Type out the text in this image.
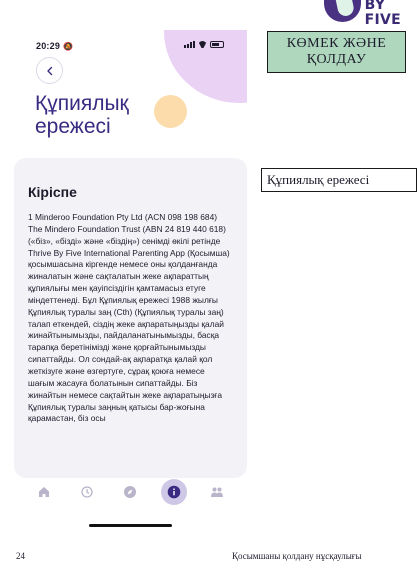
BY FIVE
КӨМЕК ЖӘНЕ
ҚОЛДАУ
Құпиялық ережесі
20:29 🔕
Құпиялық ережесі
Кіріспе
1 Minderoo Foundation Pty Ltd (ACN 098 198 684) The Mindero Foundation Trust (ABN 24 819 440 618) («біз», «бізді» және «біздің») сенімді өкілі ретінде Thrive By Five International Parenting App (Қосымша) қосымшасына кіргенде немесе оны қолданғанда жиналатын және сақталатын жеке ақпараттың құпиялығы мен қауіпсіздігін қамтамасыз етуге міндеттенеді. Бұл Құпиялық ережесі 1988 жылғы Құпиялық туралы заң (Cth) (Құпиялық туралы заң) талап еткендей, сіздің жеке ақпаратыңызды қалай жинайтынымызды, пайдаланатынымызды, басқа тарапқа беретінімізді және қорғайтынымызды сипаттайды. Ол сондай-ақ ақпаратқа қалай қол жеткізуге және өзгертуге, сұрақ қоюға немесе шағым жасауға болатынын сипаттайды. Біз жинайтын немесе сақтайтын жеке ақпаратыңызға Құпиялық туралы заңның қатысы бар-жоғына қарамастан, біз осы
24	Қосымшаны қолдану нұсқаулығы
